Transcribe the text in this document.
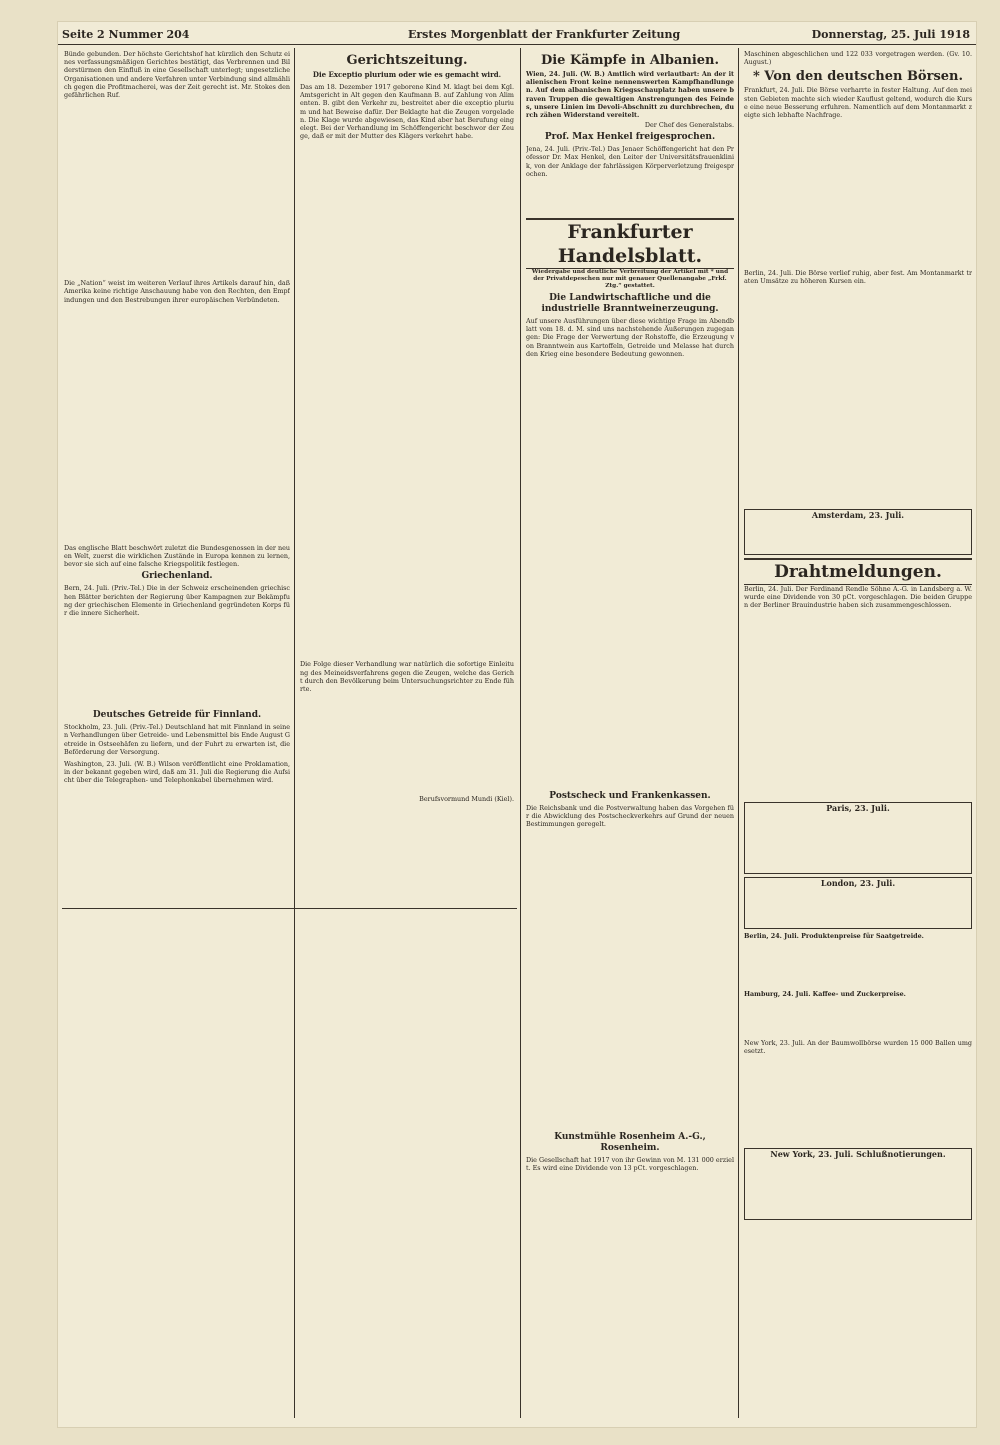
Seite 2 Nummer 204	Erstes Morgenblatt der Frankfurter Zeitung	Donnerstag, 25. Juli 1918

Bünde gebunden. Der höchste Gerichtshof hat kürzlich den Schutz eines verfassungsmäßigen Gerichtes bestätigt, das Verbrennen und Bilderstürmen den Einfluß in eine Gesellschaft unterlegt; ungesetzliche Organisationen und andere Verfahren unter Verbindung sind allmählich gegen die Profitmacherei, was der Zeit gerecht ist. Mr. Stokes den gefährlichen Ruf.

Die „Nation“ weist im weiteren Verlauf ihres Artikels darauf hin, daß Amerika keine richtige Anschauung habe von den Rechten, den Empfindungen und den Bestrebungen ihrer europäischen Verbündeten.

Das englische Blatt beschwört zuletzt die Bundesgenossen in der neuen Welt, zuerst die wirklichen Zustände in Europa kennen zu lernen, bevor sie sich auf eine falsche Kriegspolitik festlegen.

Griechenland.

Bern, 24. Juli. (Priv.-Tel.) Die in der Schweiz erscheinenden griechischen Blätter berichten der Regierung über Kampagnen zur Bekämpfung der griechischen Elemente in Griechenland gegründeten Korps für die innere Sicherheit.

Deutsches Getreide für Finnland.

Stockholm, 23. Juli. (Priv.-Tel.) Deutschland hat mit Finnland in seinen Verhandlungen über Getreide- und Lebensmittel bis Ende August Getreide in Ostseehäfen zu liefern, und der Fuhrt zu erwarten ist, die Beförderung der Versorgung.

Washington, 23. Juli. (W. B.) Wilson veröffentlicht eine Proklamation, in der bekannt gegeben wird, daß am 31. Juli die Regierung die Aufsicht über die Telegraphen- und Telephonkabel übernehmen wird.

Gerichtszeitung.
Die Exceptio plurium oder wie es gemacht wird.

Das am 18. Dezember 1917 geborene Kind M. klagt bei dem Kgl. Amtsgericht in Alt gegen den Kaufmann B. auf Zahlung von Alimenten. B. gibt den Verkehr zu, bestreitet aber die exceptio plurium und hat Beweise dafür. Der Beklagte hat die Zeugen vorgeladen. Die Klage wurde abgewiesen, das Kind aber hat Berufung eingelegt. Bei der Verhandlung im Schöffengericht beschwor der Zeuge, daß er mit der Mutter des Klägers verkehrt habe.

Die Folge dieser Verhandlung war natürlich die sofortige Einleitung des Meineidsverfahrens gegen die Zeugen, welche das Gericht durch den Bevölkerung beim Untersuchungsrichter zu Ende führte.

Berufsvormund Mundi (Kiel).
Die Kämpfe in Albanien.

Wien, 24. Juli. (W. B.) Amtlich wird verlautbart: An der italienischen Front keine nennenswerten Kampfhandlungen. Auf dem albanischen Kriegsschauplatz haben unsere braven Truppen die gewaltigen Anstrengungen des Feindes, unsere Linien im Devoli-Abschnitt zu durchbrechen, durch zähen Widerstand vereitelt.

Der Chef des Generalstabs.
Prof. Max Henkel freigesprochen.

Jena, 24. Juli. (Priv.-Tel.) Das Jenaer Schöffengericht hat den Professor Dr. Max Henkel, den Leiter der Universitätsfrauenklinik, von der Anklage der fahrlässigen Körperverletzung freigesprochen.

Frankfurter Handelsblatt.
Wiedergabe und deutliche Verbreitung der Artikel mit * und der Privatdepeschen nur mit genauer Quellenangabe „Frkf. Ztg.“ gestattet.
Die Landwirtschaftliche und die industrielle Branntweinerzeugung.

Auf unsere Ausführungen über diese wichtige Frage im Abendblatt vom 18. d. M. sind uns nachstehende Äußerungen zugegangen: Die Frage der Verwertung der Rohstoffe, die Erzeugung von Branntwein aus Kartoffeln, Getreide und Melasse hat durch den Krieg eine besondere Bedeutung gewonnen.

Postscheck und Frankenkassen.

Die Reichsbank und die Postverwaltung haben das Vorgehen für die Abwicklung des Postscheckverkehrs auf Grund der neuen Bestimmungen geregelt.

Kunstmühle Rosenheim A.-G., Rosenheim.

Die Gesellschaft hat 1917 von ihr Gewinn von M. 131 000 erzielt. Es wird eine Dividende von 13 pCt. vorgeschlagen.

Maschinen abgeschlichen und 122 033 vorgetragen werden. (Gv. 10. August.)

* Von den deutschen Börsen.

Frankfurt, 24. Juli. Die Börse verharrte in fester Haltung. Auf den meisten Gebieten machte sich wieder Kauflust geltend, wodurch die Kurse eine neue Besserung erfuhren. Namentlich auf dem Montanmarkt zeigte sich lebhafte Nachfrage.

Berlin, 24. Juli. Die Börse verlief ruhig, aber fest. Am Montanmarkt traten Umsätze zu höheren Kursen ein.

Amsterdam, 23. Juli.
Drahtmeldungen.

Berlin, 24. Juli. Der Ferdinand Rendle Söhne A.-G. in Landsberg a. W. wurde eine Dividende von 30 pCt. vorgeschlagen. Die beiden Gruppen der Berliner Brauindustrie haben sich zusammengeschlossen.

Paris, 23. Juli.
London, 23. Juli.

Berlin, 24. Juli. Produktenpreise für Saatgetreide.

Hamburg, 24. Juli. Kaffee- und Zuckerpreise.

New York, 23. Juli. An der Baumwollbörse wurden 15 000 Ballen umgesetzt.

New York, 23. Juli. Schlußnotierungen.
